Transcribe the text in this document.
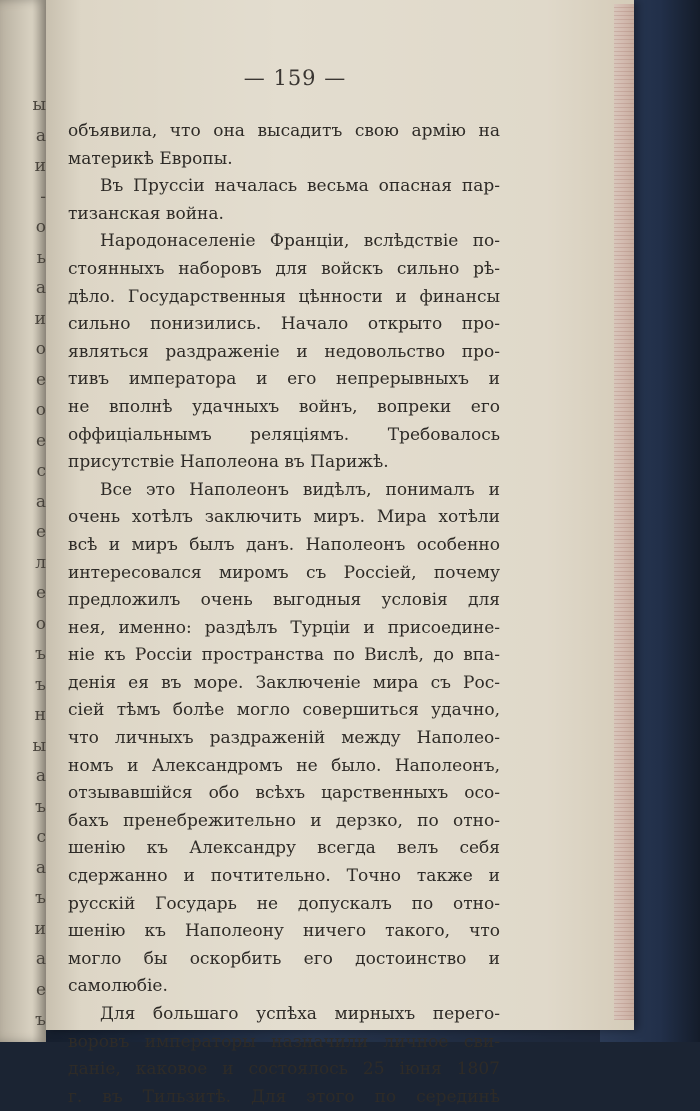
ы
а
и
-
о
ь
а
и
о
е
о
е
с
а
е
л
е
о
ъ
ъ
н
ы
а
ъ
с
а
ъ
и
а
е
ъ
— 159 —
объявила, что она высадитъ свою армію на
материкѣ Европы.
Въ Пруссіи началась весьма опасная пар-
тизанская война.
Народонаселеніе Франціи, вслѣдствіе по-
стоянныхъ наборовъ для войскъ сильно рѣ-
дѣло. Государственныя цѣнности и финансы
сильно понизились. Начало открыто про-
являться раздраженіе и недовольство про-
тивъ императора и его непрерывныхъ и
не вполнѣ удачныхъ войнъ, вопреки его
оффиціальнымъ реляціямъ. Требовалось
присутствіе Наполеона въ Парижѣ.
Все это Наполеонъ видѣлъ, понималъ и
очень хотѣлъ заключить миръ. Мира хотѣли
всѣ и миръ былъ данъ. Наполеонъ особенно
интересовался миромъ съ Россіей, почему
предложилъ очень выгодныя условія для
нея, именно: раздѣлъ Турціи и присоедине-
ніе къ Россіи пространства по Вислѣ, до впа-
денія ея въ море. Заключеніе мира съ Рос-
сіей тѣмъ болѣе могло совершиться удачно,
что личныхъ раздраженій между Наполео-
номъ и Александромъ не было. Наполеонъ,
отзывавшійся обо всѣхъ царственныхъ осо-
бахъ пренебрежительно и дерзко, по отно-
шенію къ Александру всегда велъ себя
сдержанно и почтительно. Точно также и
русскій Государь не допускалъ по отно-
шенію къ Наполеону ничего такого, что
могло бы оскорбить его достоинство и
самолюбіе.
Для большаго успѣха мирныхъ перего-
воровъ императоры назначили личное сви-
даніе, каковое и состоялось 25 іюня 1807
г. въ Тильзитѣ. Для этого по серединѣ
